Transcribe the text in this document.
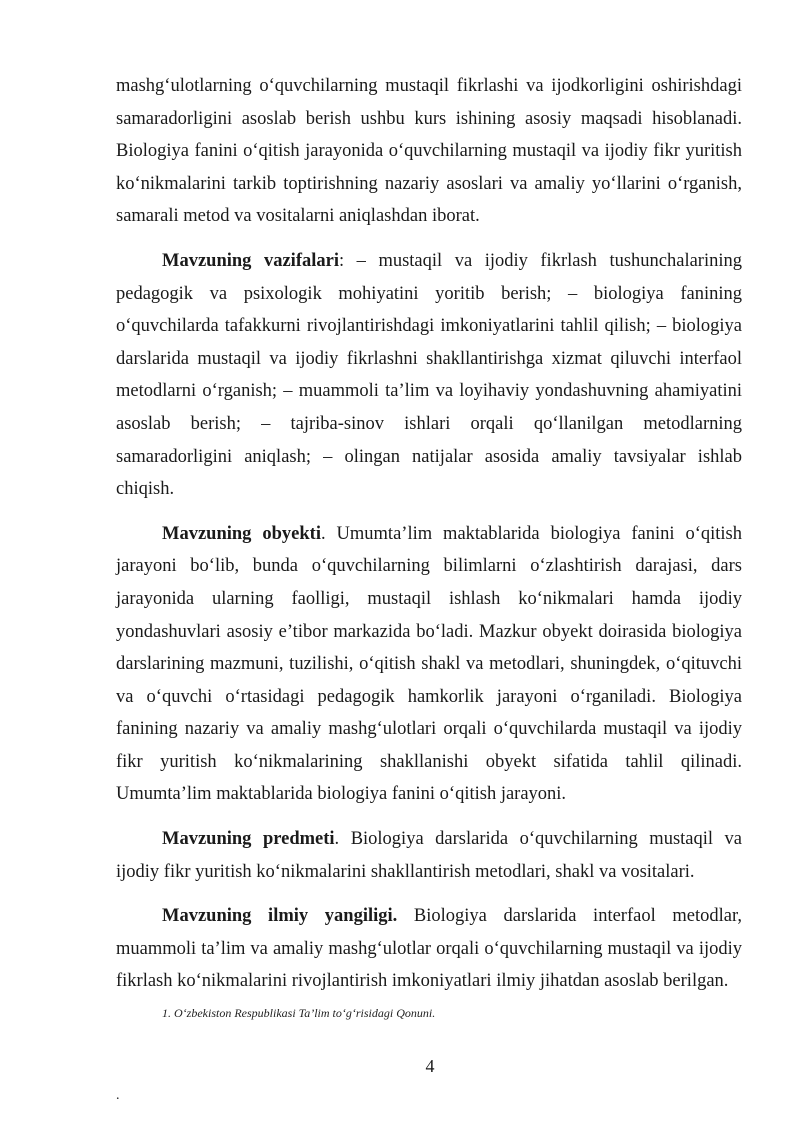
mashg‘ulotlarning o‘quvchilarning mustaqil fikrlashi va ijodkorligini oshirishdagi samaradorligini asoslab berish ushbu kurs ishining asosiy maqsadi hisoblanadi. Biologiya fanini o‘qitish jarayonida o‘quvchilarning mustaqil va ijodiy fikr yuritish ko‘nikmalarini tarkib toptirishning nazariy asoslari va amaliy yo‘llarini o‘rganish, samarali metod va vositalarni aniqlashdan iborat.

Mavzuning vazifalari: – mustaqil va ijodiy fikrlash tushunchalarining pedagogik va psixologik mohiyatini yoritib berish; – biologiya fanining o‘quvchilarda tafakkurni rivojlantirishdagi imkoniyatlarini tahlil qilish; – biologiya darslarida mustaqil va ijodiy fikrlashni shakllantirishga xizmat qiluvchi interfaol metodlarni o‘rganish; – muammoli ta’lim va loyihaviy yondashuvning ahamiyatini asoslab berish; – tajriba-sinov ishlari orqali qo‘llanilgan metodlarning samaradorligini aniqlash; – olingan natijalar asosida amaliy tavsiyalar ishlab chiqish.

Mavzuning obyekti. Umumta’lim maktablarida biologiya fanini o‘qitish jarayoni bo‘lib, bunda o‘quvchilarning bilimlarni o‘zlashtirish darajasi, dars jarayonida ularning faolligi, mustaqil ishlash ko‘nikmalari hamda ijodiy yondashuvlari asosiy e’tibor markazida bo‘ladi. Mazkur obyekt doirasida biologiya darslarining mazmuni, tuzilishi, o‘qitish shakl va metodlari, shuningdek, o‘qituvchi va o‘quvchi o‘rtasidagi pedagogik hamkorlik jarayoni o‘rganiladi. Biologiya fanining nazariy va amaliy mashg‘ulotlari orqali o‘quvchilarda mustaqil va ijodiy fikr yuritish ko‘nikmalarining shakllanishi obyekt sifatida tahlil qilinadi. Umumta’lim maktablarida biologiya fanini o‘qitish jarayoni.

Mavzuning predmeti. Biologiya darslarida o‘quvchilarning mustaqil va ijodiy fikr yuritish ko‘nikmalarini shakllantirish metodlari, shakl va vositalari.

Mavzuning ilmiy yangiligi. Biologiya darslarida interfaol metodlar, muammoli ta’lim va amaliy mashg‘ulotlar orqali o‘quvchilarning mustaqil va ijodiy fikrlash ko‘nikmalarini rivojlantirish imkoniyatlari ilmiy jihatdan asoslab berilgan.

1. O‘zbekiston Respublikasi Ta’lim to‘g‘risidagi Qonuni.

4

.
